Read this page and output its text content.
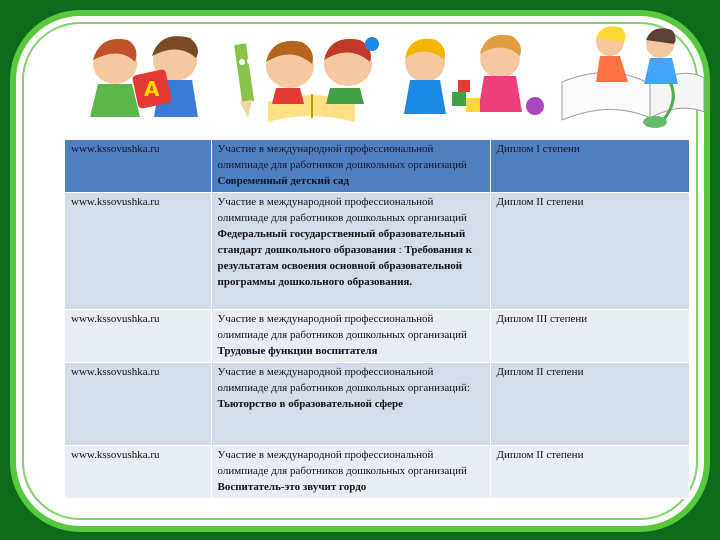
A
www.kssovushka.ru	Участие в международной профессиональной олимпиаде для работников дошкольных организаций Современный детский сад	Диплом I степени
www.kssovushka.ru	Участие в международной профессиональной олимпиаде для работников дошкольных организаций Федеральный государственный образовательный стандарт дошкольного образования : Требования к результатам освоения основной образовательной программы дошкольного образования.	Диплом II степени
www.kssovushka.ru	Участие в международной профессиональной олимпиаде для работников дошкольных организаций Трудовые функции воспитателя	Диплом III степени
www.kssovushka.ru	Участие в международной профессиональной олимпиаде для работников дошкольных организаций: Тьюторство в образовательной сфере	Диплом II степени
www.kssovushka.ru	Участие в международной профессиональной олимпиаде для работников дошкольных организаций Воспитатель-это звучит гордо	Диплом II степени
